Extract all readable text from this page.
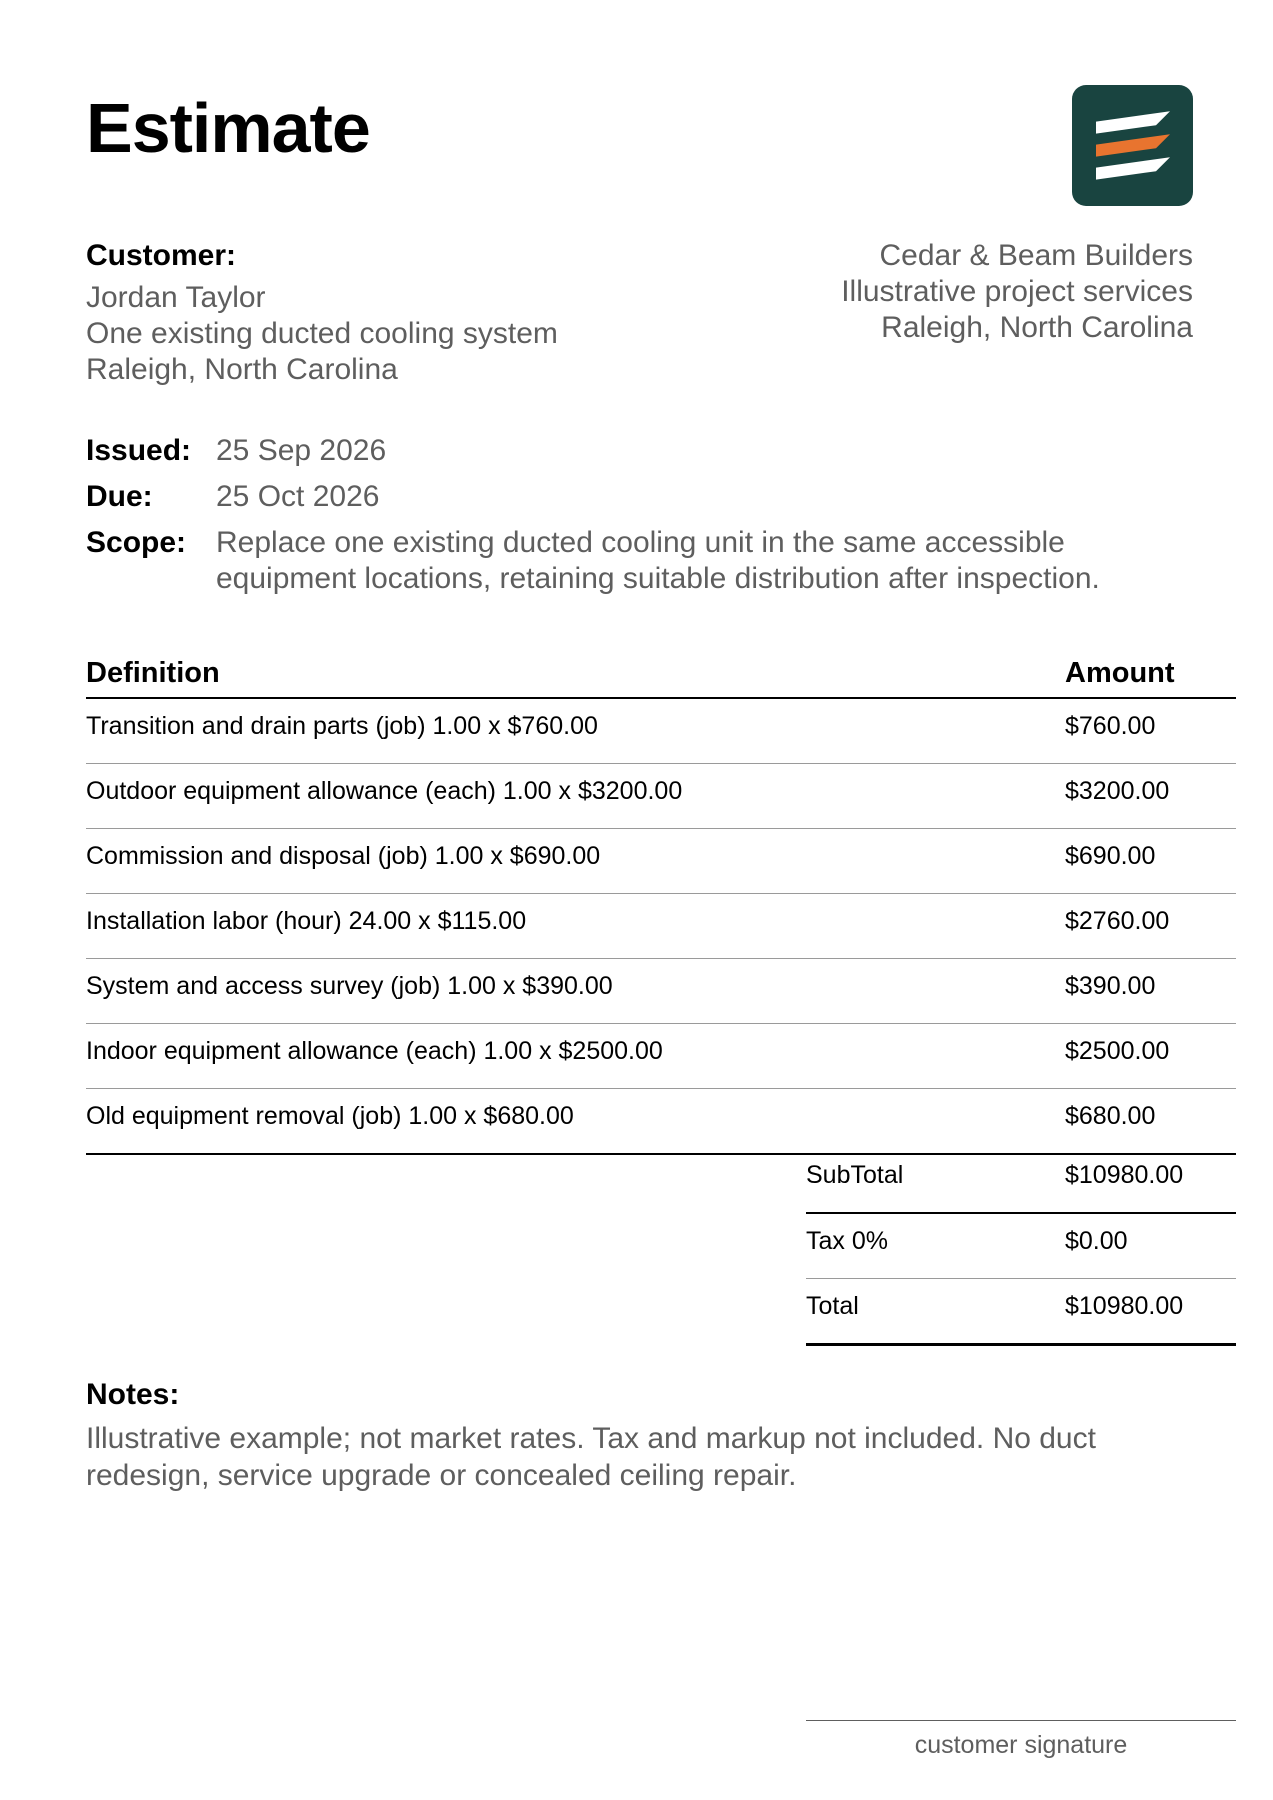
Estimate
Customer:
Jordan Taylor
One existing ducted cooling system
Raleigh, North Carolina
Cedar & Beam Builders
Illustrative project services
Raleigh, North Carolina
Issued: 25 Sep 2026
Due:	25 Oct 2026
Scope: Replace one existing ducted cooling unit in the same accessible
equipment locations, retaining suitable distribution after inspection.
Definition	Amount
Transition and drain parts (job) 1.00 x $760.00	$760.00
Outdoor equipment allowance (each) 1.00 x $3200.00	$3200.00
Commission and disposal (job) 1.00 x $690.00	$690.00
Installation labor (hour) 24.00 x $115.00	$2760.00
System and access survey (job) 1.00 x $390.00	$390.00
Indoor equipment allowance (each) 1.00 x $2500.00	$2500.00
Old equipment removal (job) 1.00 x $680.00	$680.00
SubTotal	$10980.00
Tax 0%	$0.00
Total	$10980.00
Notes:
Illustrative example; not market rates. Tax and markup not included. No duct
redesign, service upgrade or concealed ceiling repair.
customer signature
